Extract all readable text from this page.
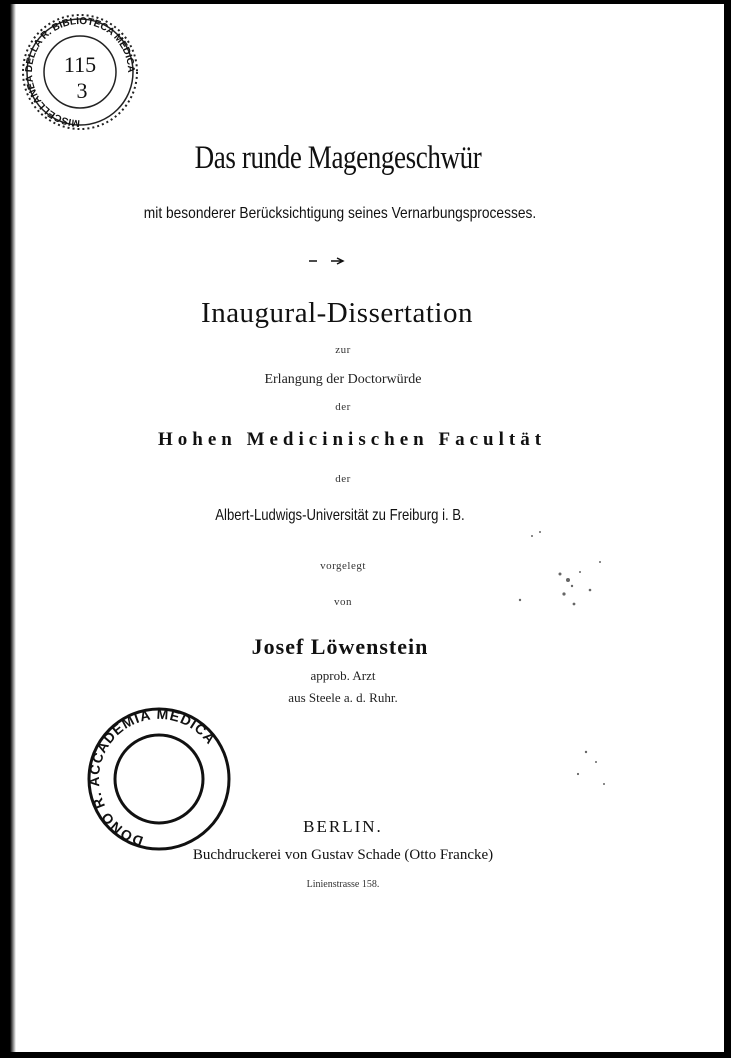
MISCELLANEA DELLA R. BIBLIOTECA MEDICA
115
3
Das runde Magengeschwür
mit besonderer Berücksichtigung seines Vernarbungsprocesses.
Inaugural-Dissertation
zur
Erlangung der Doctorwürde
der
Hohen Medicinischen Facultät
der
Albert-Ludwigs-Universität zu Freiburg i. B.
vorgelegt
von
Josef Löwenstein
approb. Arzt
aus Steele a. d. Ruhr.
DONO R. ACCADEMIA MEDICA
BERLIN.
Buchdruckerei von Gustav Schade (Otto Francke)
Linienstrasse 158.
